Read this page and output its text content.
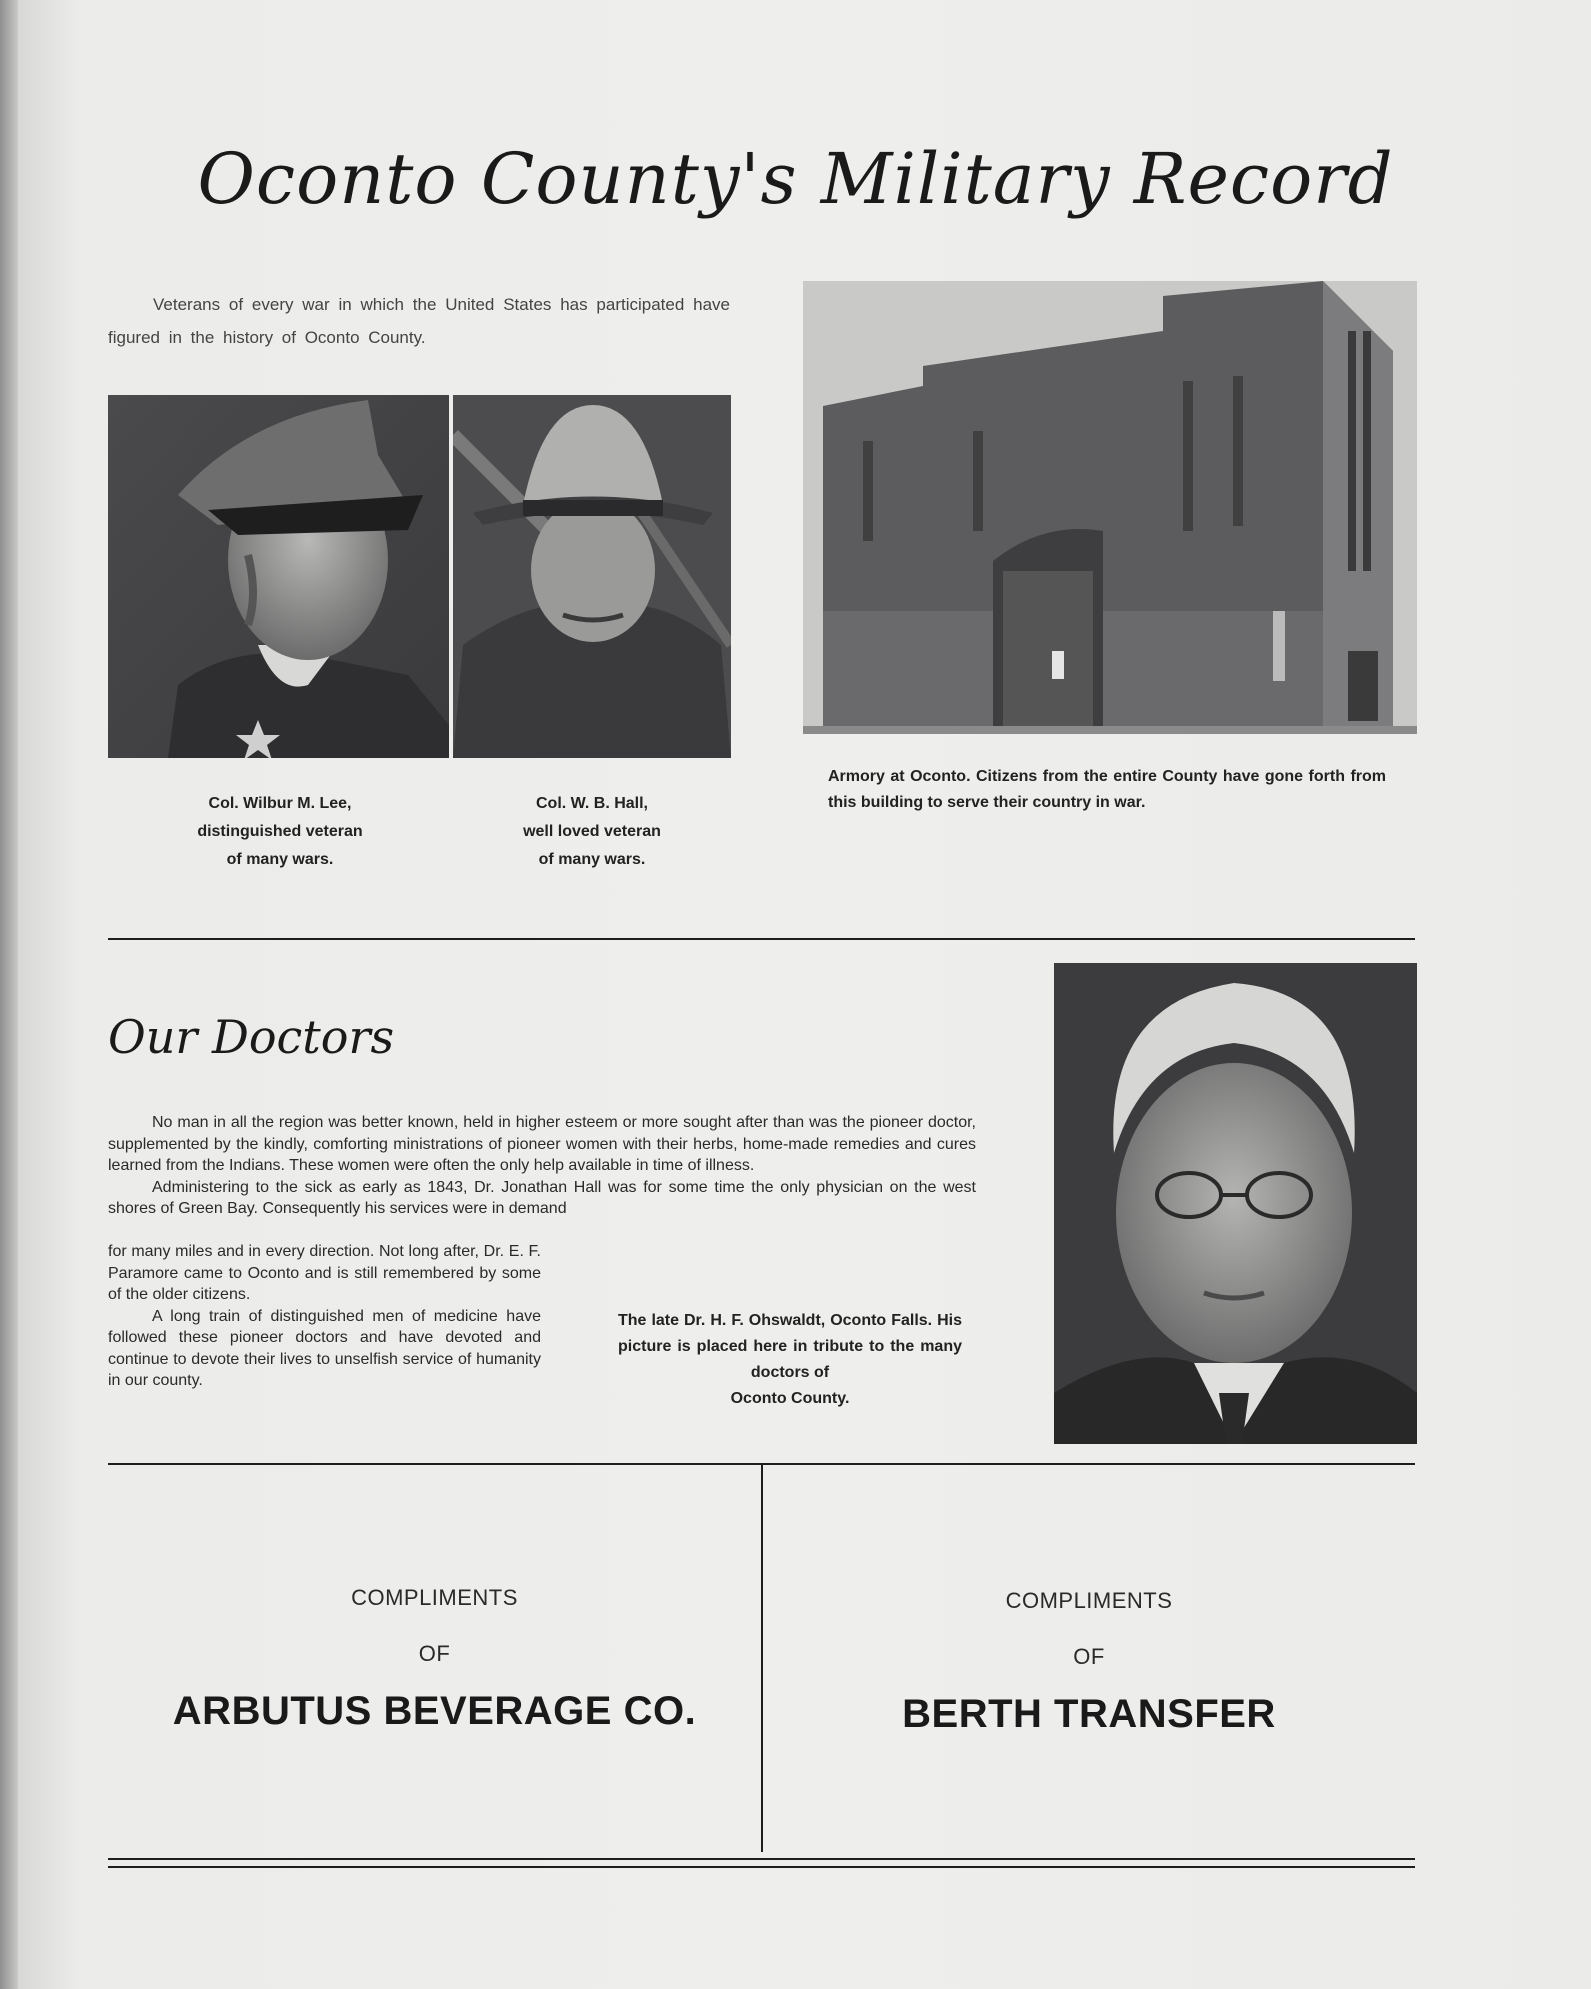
Oconto County's Military Record
Veterans of every war in which the United States has participated have figured in the history of Oconto County.
Col. Wilbur M. Lee,
distinguished veteran
of many wars.
Col. W. B. Hall,
well loved veteran
of many wars.
Armory at Oconto. Citizens from the entire County have gone forth from this building to serve their country in war.
Our Doctors

No man in all the region was better known, held in higher esteem or more sought after than was the pioneer doctor, supplemented by the kindly, comforting ministrations of pioneer women with their herbs, home-made remedies and cures learned from the Indians. These women were often the only help available in time of illness.

Administering to the sick as early as 1843, Dr. Jonathan Hall was for some time the only physician on the west shores of Green Bay. Consequently his services were in demand

for many miles and in every direction. Not long after, Dr. E. F. Paramore came to Oconto and is still remembered by some of the older citizens.

A long train of distinguished men of medicine have followed these pioneer doctors and have devoted and continue to devote their lives to unselfish service of humanity in our county.

The late Dr. H. F. Ohswaldt, Oconto Falls. His picture is placed here in tribute to the many doctors of
Oconto County.
COMPLIMENTS
OF
ARBUTUS BEVERAGE CO.
COMPLIMENTS
OF
BERTH TRANSFER
